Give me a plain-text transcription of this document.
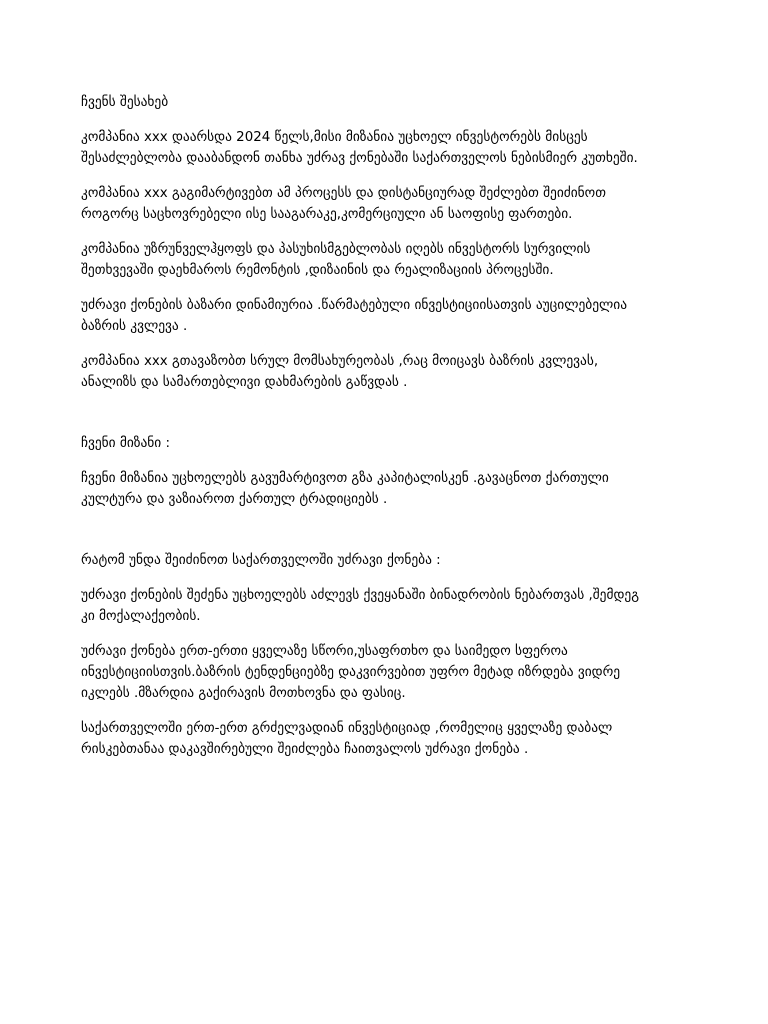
ჩვენს შესახებ

კომპანია xxx დაარსდა 2024 წელს,მისი მიზანია უცხოელ ინვესტორებს მისცეს
შესაძლებლობა დააბანდონ თანხა უძრავ ქონებაში საქართველოს ნებისმიერ კუთხეში.

კომპანია xxx გაგიმარტივებთ ამ პროცესს და დისტანციურად შეძლებთ შეიძინოთ
როგორც საცხოვრებელი ისე სააგარაკე,კომერციული ან საოფისე ფართები.

კომპანია უზრუნველჰყოფს და პასუხისმგებლობას იღებს ინვესტორს სურვილის
შეთხვევაში დაეხმაროს რემონტის ,დიზაინის და რეალიზაციის პროცესში.

უძრავი ქონების ბაზარი დინამიურია .წარმატებული ინვესტიციისათვის აუცილებელია
ბაზრის კვლევა .

კომპანია xxx გთავაზობთ სრულ მომსახურეობას ,რაც მოიცავს ბაზრის კვლევას,
ანალიზს და სამართებლივი დახმარების გაწვდას .

ჩვენი მიზანი :

ჩვენი მიზანია უცხოელებს გავუმარტივოთ გზა კაპიტალისკენ .გავაცნოთ ქართული
კულტურა და ვაზიაროთ ქართულ ტრადიციებს .

რატომ უნდა შეიძინოთ საქართველოში უძრავი ქონება :

უძრავი ქონების შეძენა უცხოელებს აძლევს ქვეყანაში ბინადრობის ნებართვას ,შემდეგ
კი მოქალაქეობის.

უძრავი ქონება ერთ-ერთი ყველაზე სწორი,უსაფრთხო და საიმედო სფეროა
ინვესტიციისთვის.ბაზრის ტენდენციებზე დაკვირვებით უფრო მეტად იზრდება ვიდრე
იკლებს .მზარდია გაქირავის მოთხოვნა და ფასიც.

საქართველოში ერთ-ერთ გრძელვადიან ინვესტიციად ,რომელიც ყველაზე დაბალ
რისკებთანაა დაკავშირებული შეიძლება ჩაითვალოს უძრავი ქონება .
